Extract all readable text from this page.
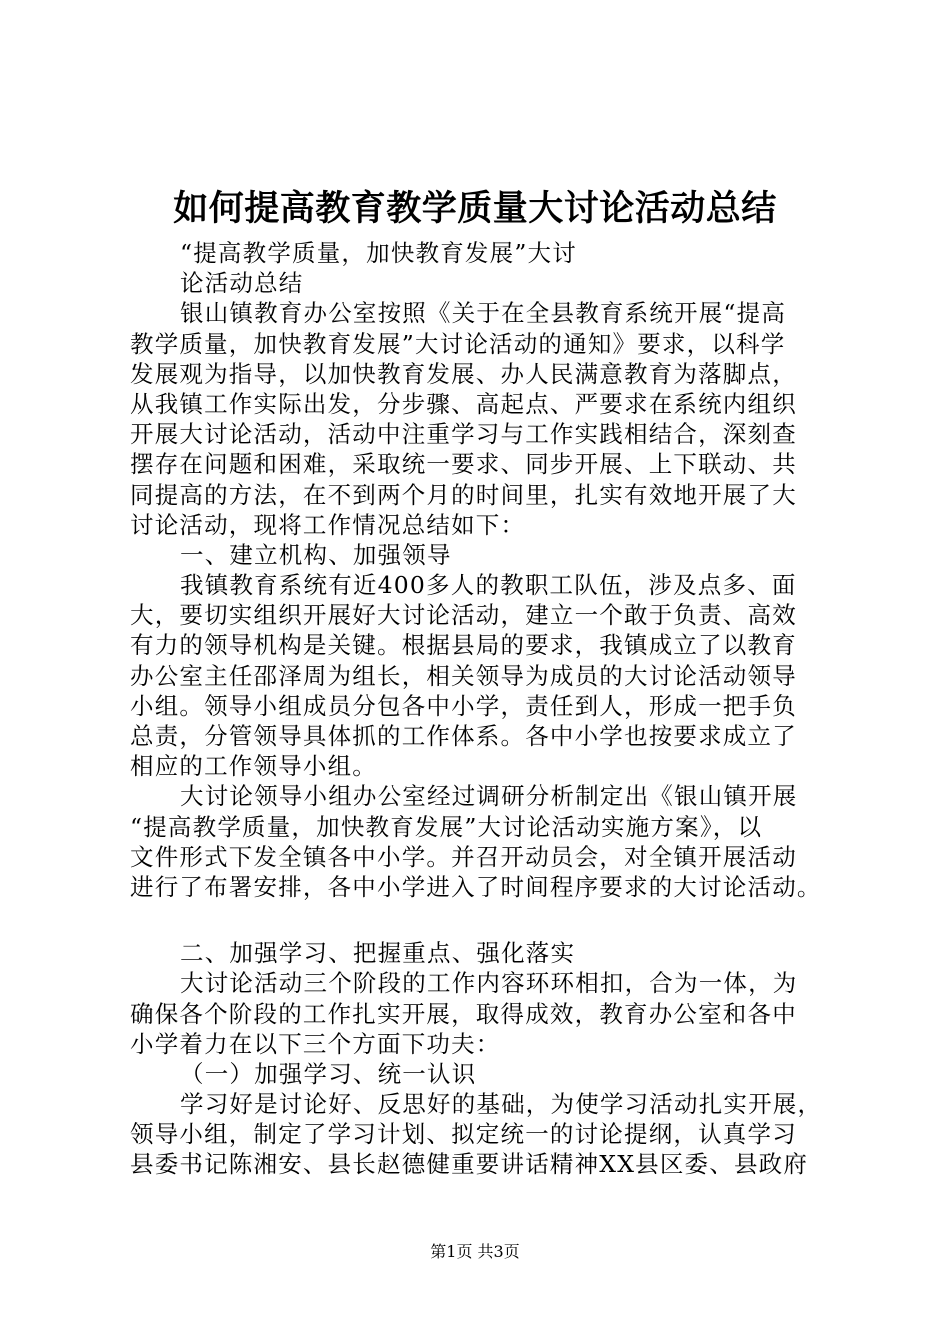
如何提高教育教学质量大讨论活动总结
“提高教学质量，加快教育发展”大讨
论活动总结
银山镇教育办公室按照《关于在全县教育系统开展“提高
教学质量，加快教育发展”大讨论活动的通知》要求，以科学
发展观为指导，以加快教育发展、办人民满意教育为落脚点，
从我镇工作实际出发，分步骤、高起点、严要求在系统内组织
开展大讨论活动，活动中注重学习与工作实践相结合，深刻查
摆存在问题和困难，采取统一要求、同步开展、上下联动、共
同提高的方法，在不到两个月的时间里，扎实有效地开展了大
讨论活动，现将工作情况总结如下：
一、建立机构、加强领导
我镇教育系统有近400多人的教职工队伍，涉及点多、面
大，要切实组织开展好大讨论活动，建立一个敢于负责、高效
有力的领导机构是关键。根据县局的要求，我镇成立了以教育
办公室主任邵泽周为组长，相关领导为成员的大讨论活动领导
小组。领导小组成员分包各中小学，责任到人，形成一把手负
总责，分管领导具体抓的工作体系。各中小学也按要求成立了
相应的工作领导小组。
大讨论领导小组办公室经过调研分析制定出《银山镇开展
“提高教学质量，加快教育发展”大讨论活动实施方案》，以
文件形式下发全镇各中小学。并召开动员会，对全镇开展活动
进行了布署安排，各中小学进入了时间程序要求的大讨论活动。
二、加强学习、把握重点、强化落实
大讨论活动三个阶段的工作内容环环相扣，合为一体，为
确保各个阶段的工作扎实开展，取得成效，教育办公室和各中
小学着力在以下三个方面下功夫：
（一）加强学习、统一认识
学习好是讨论好、反思好的基础，为使学习活动扎实开展，
领导小组，制定了学习计划、拟定统一的讨论提纲，认真学习
县委书记陈湘安、县长赵德健重要讲话精神XX县区委、县政府
第1页 共3页
